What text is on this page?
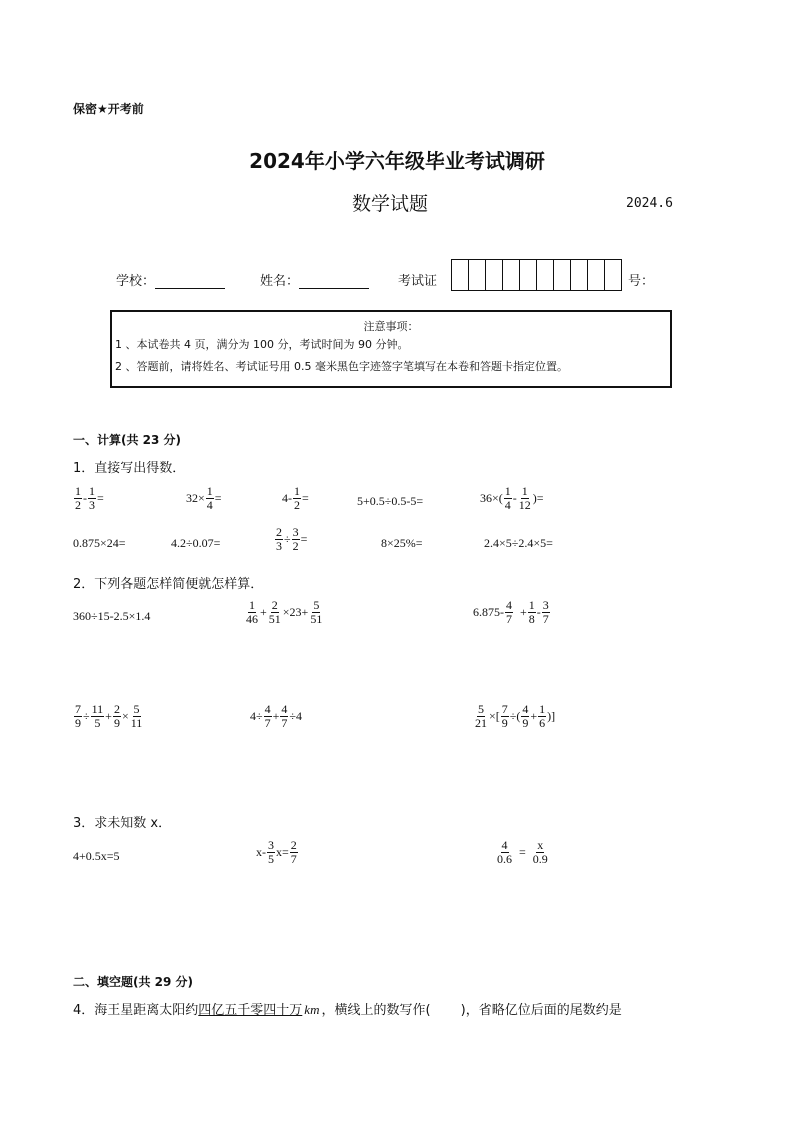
保密★开考前
2024年小学六年级毕业考试调研
数学试题	2024.6
学校：	姓名：	考试证	号：
注意事项：
1 、本试卷共 4 页，满分为 100 分，考试时间为 90 分钟。
2 、答题前，请将姓名、考试证号用 0.5 毫米黑色字迹签字笔填写在本卷和答题卡指定位置。
一、计算(共 23 分)
1．直接写出得数．
$\frac{1}{2} - \frac{1}{3}$ =	$32\times \frac{1}{4}$ =	$4- \frac{1}{2}$ =	5+0.5÷0.5-5=	$36\times( \frac{1}{4} - \frac{1}{12}$ )=
0.875×24=	4.2÷0.07=	$\frac{2}{3} \div \frac{3}{2}$ =	8×25%=	2.4×5÷2.4×5=
2．下列各题怎样简便就怎样算．
360÷15-2.5×1.4	$\frac{1}{46} + \frac{2}{51} \times 23+ \frac{5}{51}$	$6.875- \frac{4}{7} + \frac{1}{8} - \frac{3}{7}$
$\frac{7}{9} \div \frac{11}{5} + \frac{2}{9} \times \frac{5}{11}$	$4\div \frac{4}{7} + \frac{4}{7} \div 4$	$\frac{5}{21}$ ×[ $\frac{7}{9}$ ÷( $\frac{4}{9} + \frac{1}{6}$ )]
3．求未知数 x．
4+0.5x=5	$x- \frac{3}{5} x= \frac{2}{7}$	$\frac{4}{0.6} = \frac{x}{0.9}$
二、填空题(共 29 分)
4．海王星距离太阳约四亿五千零四十万 km ，横线上的数写作(　　 )，省略亿位后面的尾数约是
